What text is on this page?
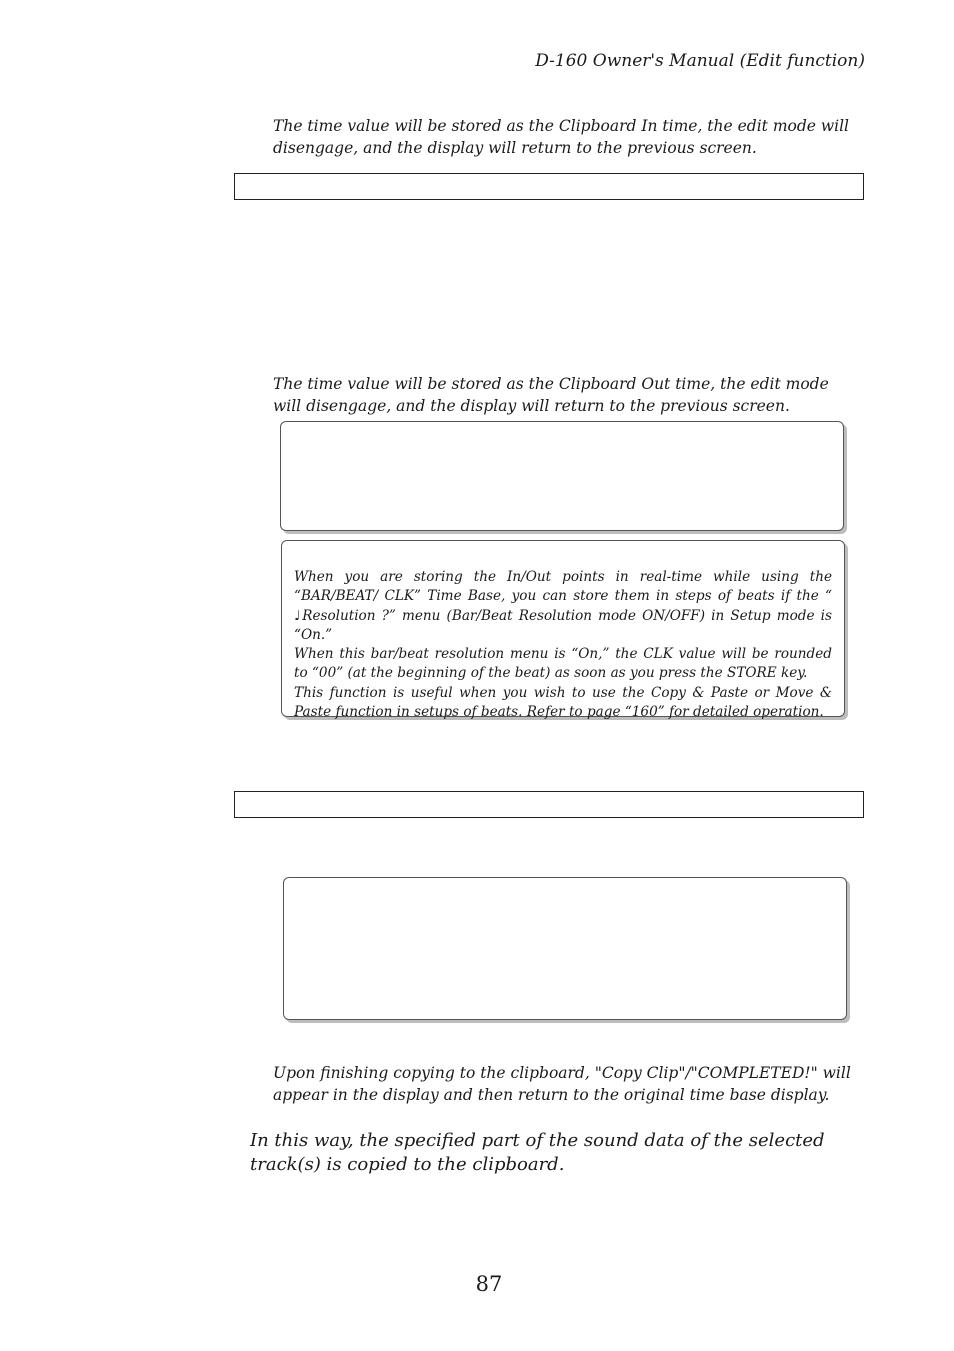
D-160 Owner's Manual (Edit function)
The time value will be stored as the Clipboard In time, the edit mode will disengage, and the display will return to the previous screen.
The time value will be stored as the Clipboard Out time, the edit mode will disengage, and the display will return to the previous screen.
When you are storing the In/Out points in real-time while using the “BAR/BEAT/ CLK” Time Base, you can store them in steps of beats if the “ ♩Resolution ?” menu (Bar/Beat Resolution mode ON/OFF) in Setup mode is “On.”
When this bar/beat resolution menu is “On,” the CLK value will be rounded to “00” (at the beginning of the beat) as soon as you press the STORE key.
This function is useful when you wish to use the Copy & Paste or Move & Paste function in setups of beats. Refer to page “160” for detailed operation.
Upon finishing copying to the clipboard, "Copy Clip"/"COMPLETED!" will appear in the display and then return to the original time base display.
In this way, the specified part of the sound data of the selected track(s) is copied to the clipboard.
87
